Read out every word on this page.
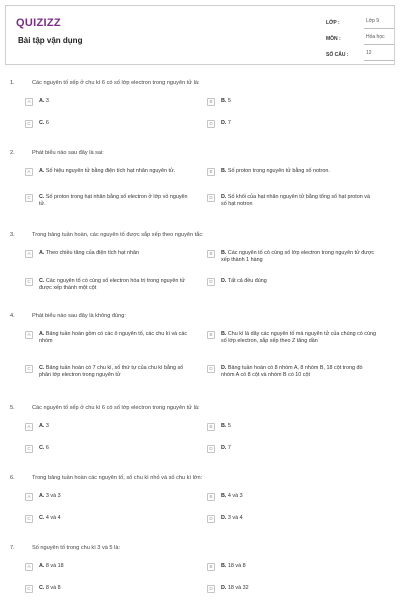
QUIZIZZ
Bài tập vận dụng
LỚP :	Lớp 9
MÔN :	Hóa học
SỐ CÂU :	12
1.	Các nguyên tố xếp ở chu kì 6 có số lớp electron trong nguyên tử là:
A	A. 3	B	B. 5
C	C. 6	D	D. 7
2.	Phát biểu nào sau đây là sai:
A	A. Số hiệu nguyên tử bằng điện tích hạt nhân nguyên tử.	B	B. Số proton trong nguyên tử bằng số notron.
C	C. Số proton trong hạt nhân bằng số electron ở lớp vỏ nguyên tử.
D	D. Số khối của hạt nhân nguyên tử bằng tổng số hạt proton và số hạt notron
3.	Trong bảng tuần hoàn, các nguyên tố được sắp xếp theo nguyên tắc:
A	A. Theo chiều tăng của điện tích hạt nhân	B	B. Các nguyên tố có cùng số lớp electron trong nguyên tử được xếp thành 1 hàng
C	C. Các nguyên tố có cùng số electron hóa trị trong nguyên tử được xếp thành một cột
D	D. Tất cả đều đúng
4.	Phát biểu nào sau đây là không đúng:
A	A. Bảng tuần hoàn gồm có các ô nguyên tố, các chu kì và các nhóm
B	B. Chu kì là dãy các nguyên tố mà nguyên tử của chúng có cùng số lớp electron, sắp xếp theo Z tăng dần
C	C. Bảng tuần hoàn có 7 chu kì, số thứ tự của chu kì bằng số phân lớp electron trong nguyên tử
D	D. Bảng tuần hoàn có 8 nhóm A, 8 nhóm B, 18 cột trong đó nhóm A có 8 cột và nhóm B có 10 cột
5.	Các nguyên tố xếp ở chu kì 6 có số lớp electron trong nguyên tử là:
A	A. 3	B	B. 5
C	C. 6	D	D. 7
6.	Trong bảng tuần hoàn các nguyên tố, số chu kì nhỏ và số chu kì lớn:
A	A. 3 và 3	B	B. 4 và 3
C	C. 4 và 4	D	D. 3 và 4
7.	Số nguyên tố trong chu kì 3 và 5 là:
A	A. 8 và 18	B	B. 18 và 8
C	C. 8 và 8	D	D. 18 và 32
